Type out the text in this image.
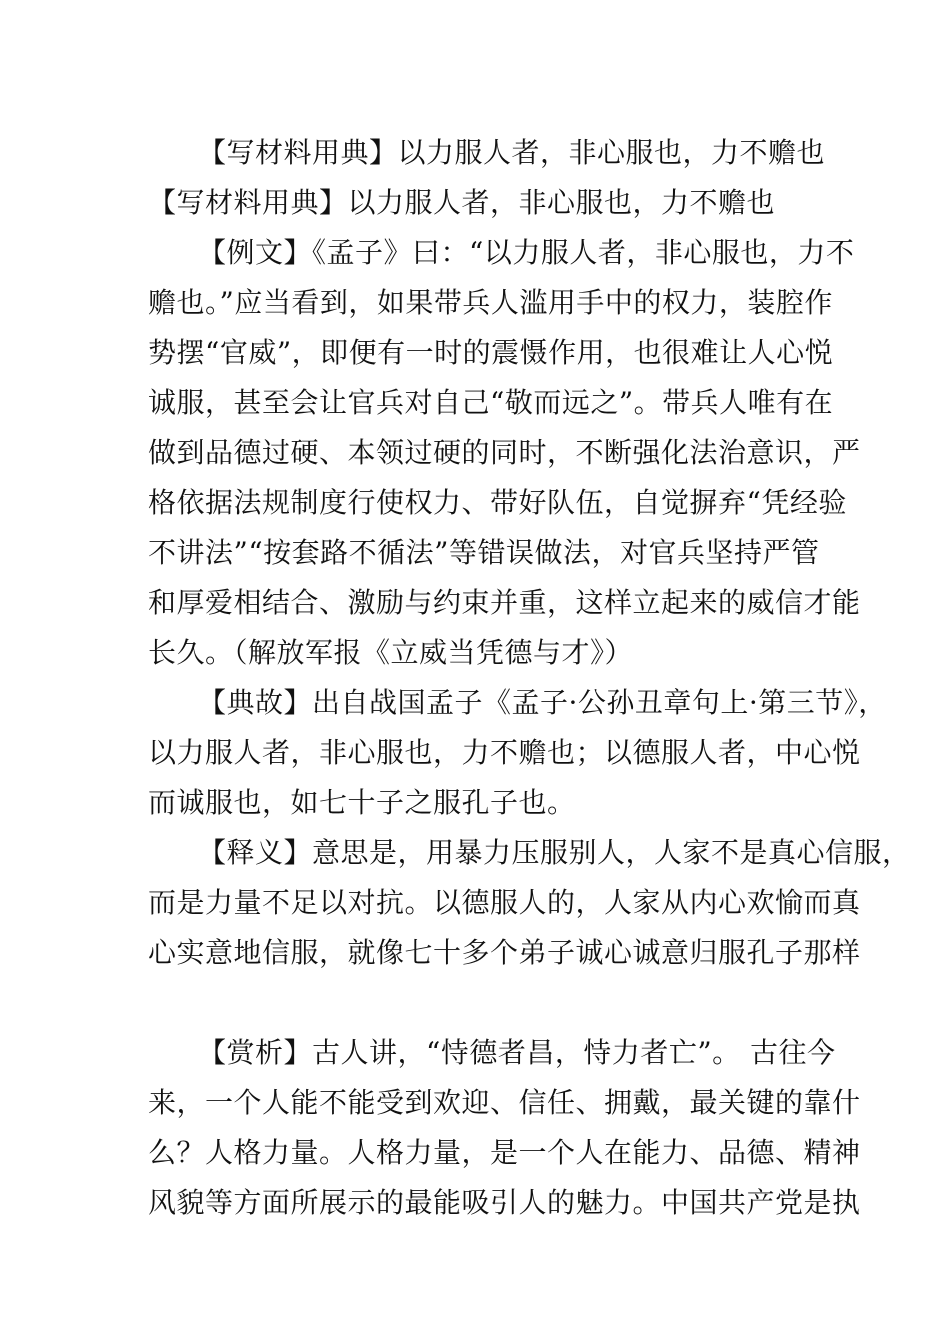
【写材料用典】以力服人者，非心服也，力不赡也
【写材料用典】以力服人者，非心服也，力不赡也
【例文】《孟子》曰：“以力服人者，非心服也，力不
赡也。”应当看到，如果带兵人滥用手中的权力，装腔作
势摆“官威”，即便有一时的震慑作用，也很难让人心悦
诚服，甚至会让官兵对自己“敬而远之”。带兵人唯有在
做到品德过硬、本领过硬的同时，不断强化法治意识，严
格依据法规制度行使权力、带好队伍，自觉摒弃“凭经验
不讲法”“按套路不循法”等错误做法，对官兵坚持严管
和厚爱相结合、激励与约束并重，这样立起来的威信才能
长久。（解放军报《立威当凭德与才》）
【典故】出自战国孟子《孟子·公孙丑章句上·第三节》，
以力服人者，非心服也，力不赡也；以德服人者，中心悦
而诚服也，如七十子之服孔子也。
【释义】意思是，用暴力压服别人，人家不是真心信服，
而是力量不足以对抗。以德服人的，人家从内心欢愉而真
心实意地信服，就像七十多个弟子诚心诚意归服孔子那样
【赏析】古人讲，“恃德者昌，恃力者亡”。 古往今
来，一个人能不能受到欢迎、信任、拥戴，最关键的靠什
么？人格力量。人格力量，是一个人在能力、品德、精神
风貌等方面所展示的最能吸引人的魅力。中国共产党是执
